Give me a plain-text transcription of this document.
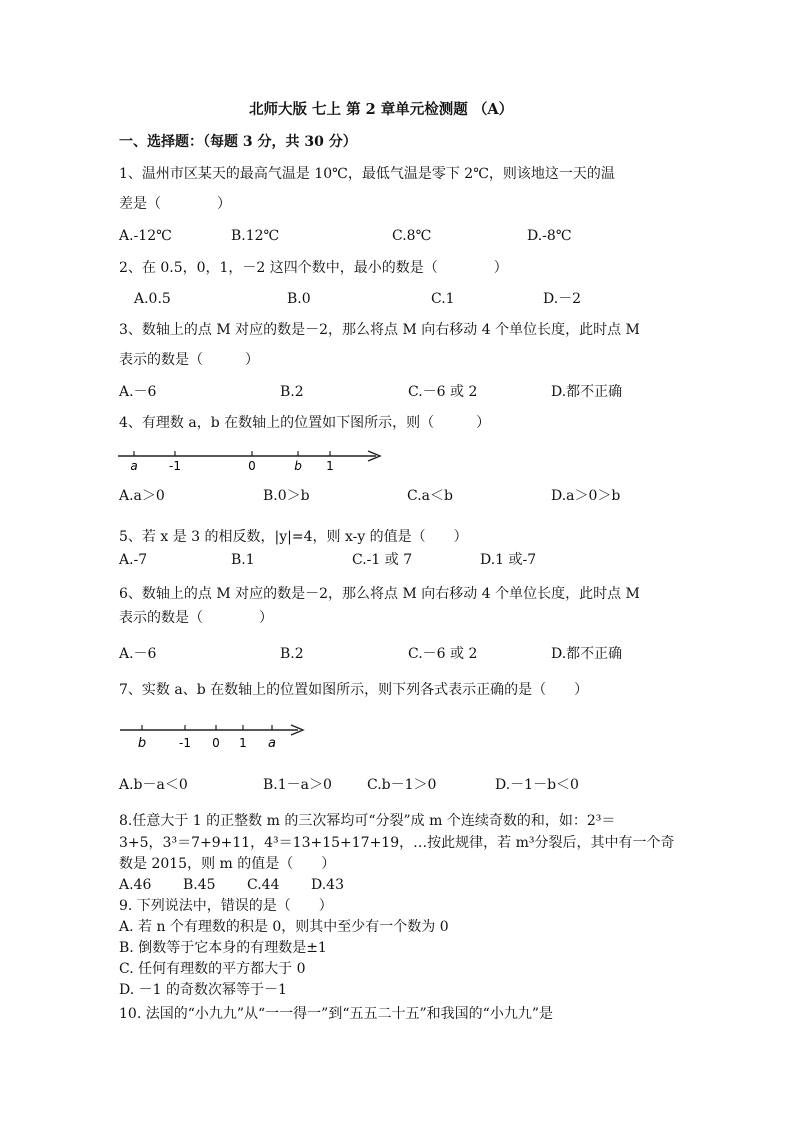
北师大版 七上 第 2 章单元检测题 （A）
一、选择题：（每题 3 分，共 30 分）
1、温州市区某天的最高气温是 10℃，最低气温是零下 2℃，则该地这一天的温
差是（　　　　）
A.-12℃	B.12℃	C.8℃	D.-8℃
2、在 0.5，0，1，－2 这四个数中，最小的数是（　　　　）
A.0.5	B.0	C.1	D.－2
3、数轴上的点 M 对应的数是－2，那么将点 M 向右移动 4 个单位长度，此时点 M
表示的数是（　　　）
A.－6	B.2	C.－6 或 2	D.都不正确
4、有理数 a，b 在数轴上的位置如下图所示，则（　　　）
a	-1	0	b 1
A.a＞0	B.0＞b	C.a＜b	D.a＞0＞b
5、若 x 是 3 的相反数，|y|=4，则 x-y 的值是（　　）
A.-7	B.1	C.-1 或 7	D.1 或-7
6、数轴上的点 M 对应的数是－2，那么将点 M 向右移动 4 个单位长度，此时点 M
表示的数是（　　　　）
A.－6	B.2	C.－6 或 2	D.都不正确
7、实数 a、b 在数轴上的位置如图所示，则下列各式表示正确的是（　　）
b	-1 0 1 a
A.b－a＜0	B.1－a＞0	C.b－1＞0	D.－1－b＜0
8.任意大于 1 的正整数 m 的三次幂均可“分裂”成 m 个连续奇数的和，如：2³＝
3+5，3³＝7+9+11，4³＝13+15+17+19，…按此规律，若 m³分裂后，其中有一个奇
数是 2015，则 m 的值是（　　）
A.46 B.45 C.44 D.43
9. 下列说法中，错误的是（　　）
A. 若 n 个有理数的积是 0，则其中至少有一个数为 0
B. 倒数等于它本身的有理数是±1
C. 任何有理数的平方都大于 0
D. －1 的奇数次幂等于－1
10. 法国的“小九九”从“一一得一”到“五五二十五”和我国的“小九九”是
